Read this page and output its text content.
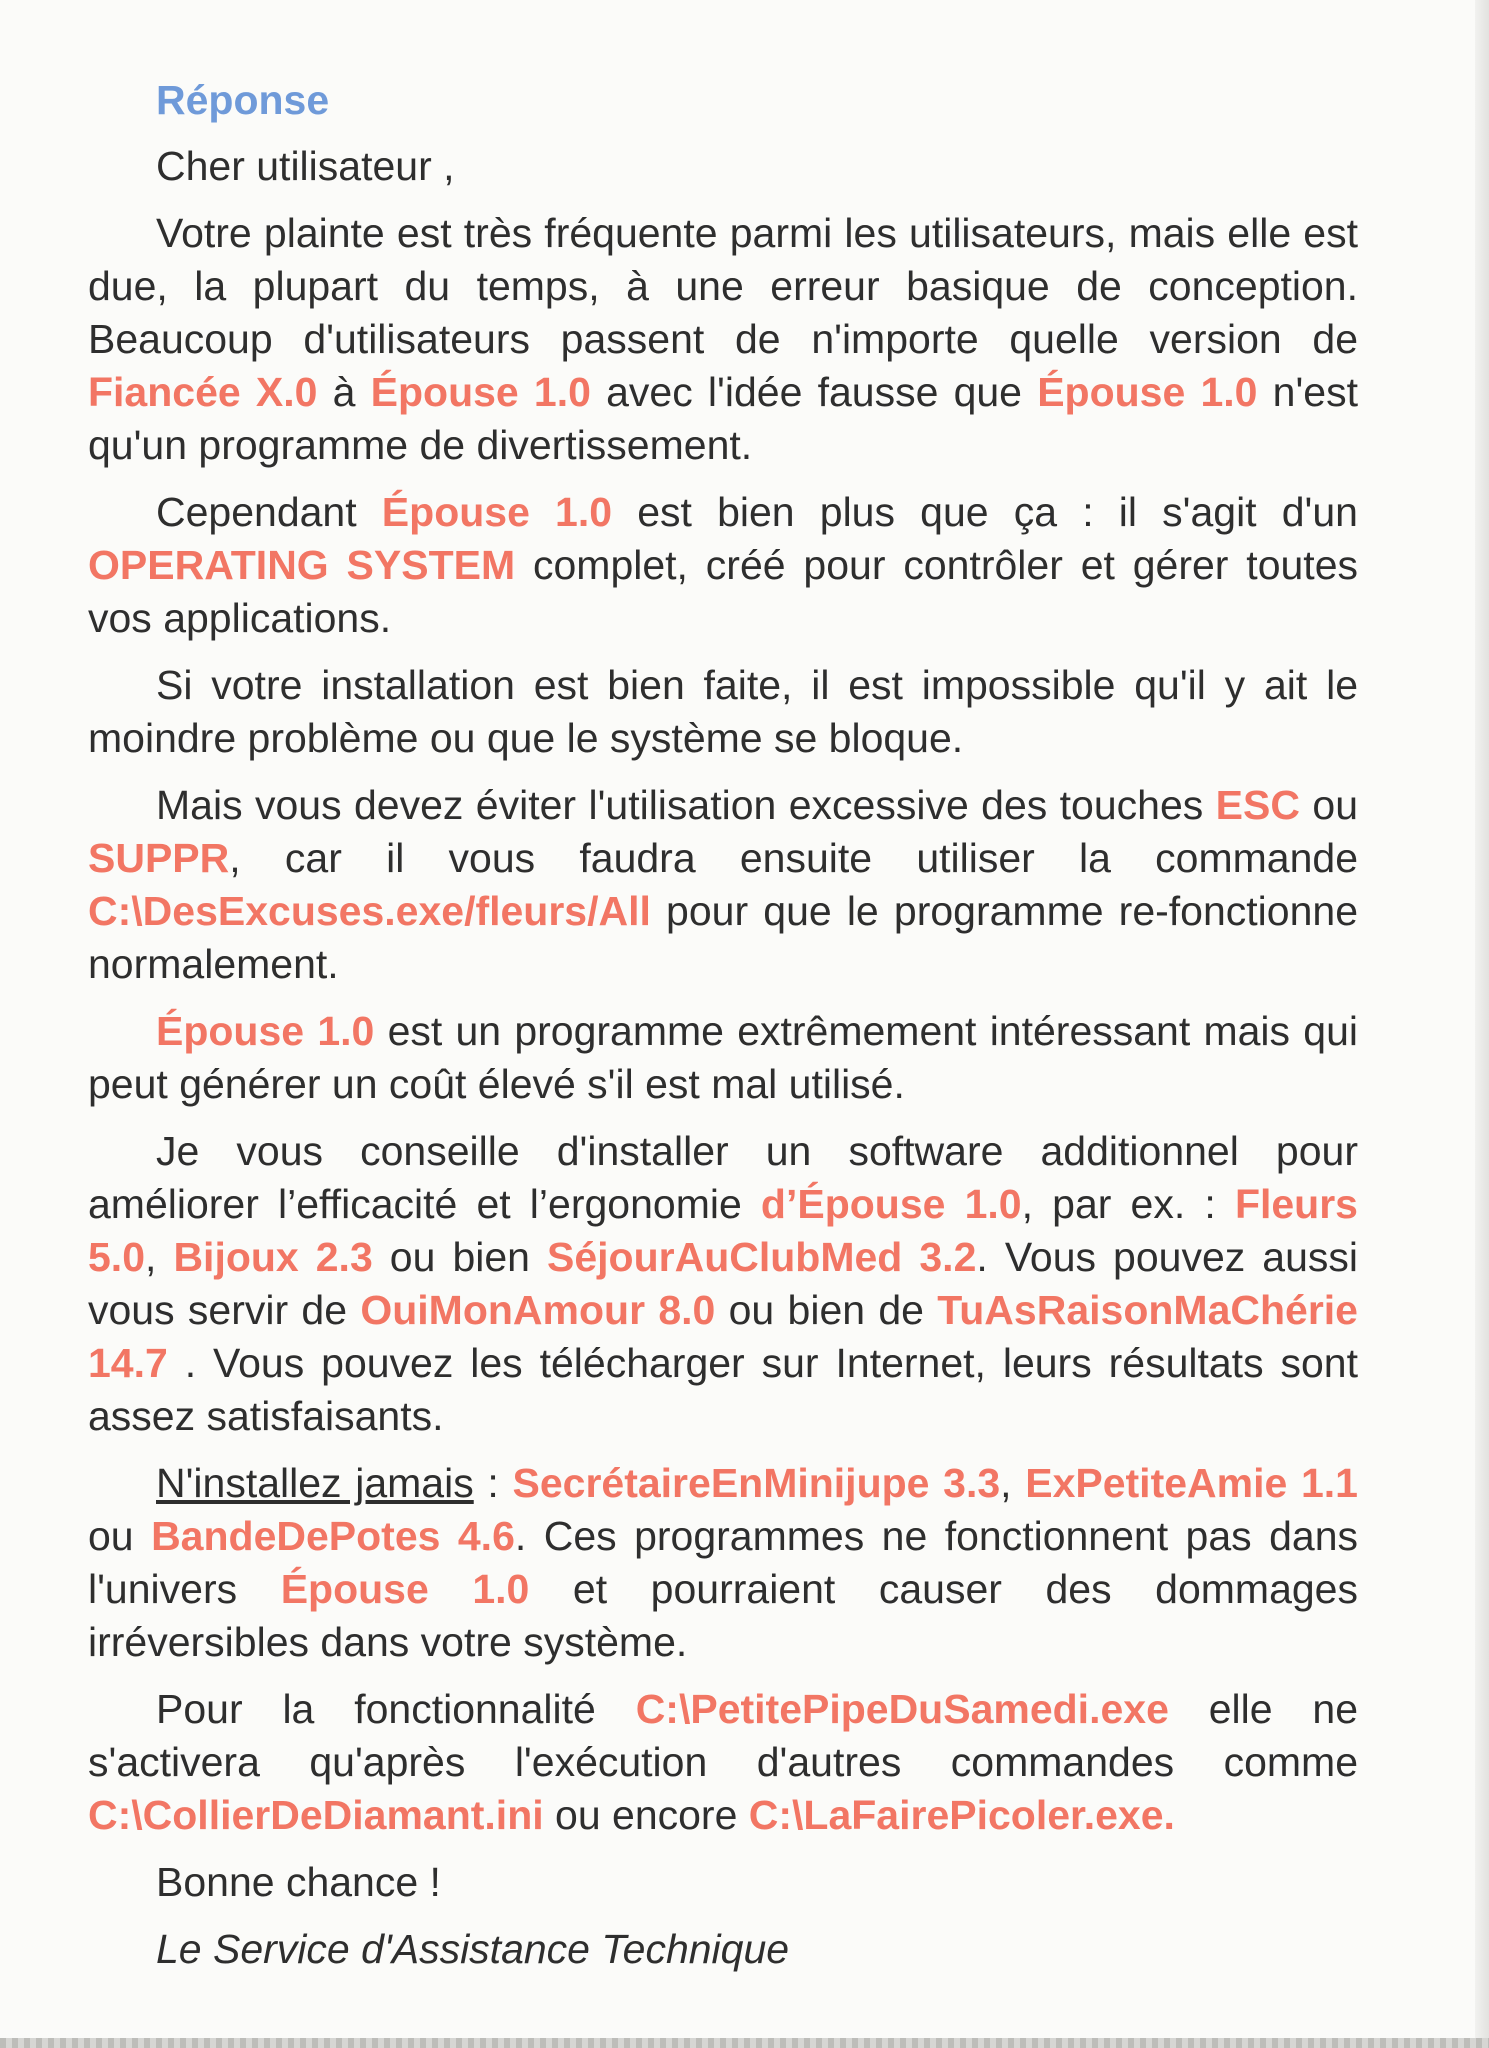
Réponse

Cher utilisateur ,

Votre plainte est très fréquente parmi les utilisateurs, mais elle est due, la plupart du temps, à une erreur basique de conception. Beaucoup d'utilisateurs passent de n'importe quelle version de Fiancée X.0 à Épouse 1.0 avec l'idée fausse que Épouse 1.0 n'est qu'un programme de divertissement.

Cependant Épouse 1.0 est bien plus que ça : il s'agit d'un OPERATING SYSTEM complet, créé pour contrôler et gérer toutes vos applications.

Si votre installation est bien faite, il est impossible qu'il y ait le moindre problème ou que le système se bloque.

Mais vous devez éviter l'utilisation excessive des touches ESC ou SUPPR, car il vous faudra ensuite utiliser la commande C:\DesExcuses.exe/fleurs/All pour que le programme re-fonctionne normalement.

Épouse 1.0 est un programme extrêmement intéressant mais qui peut générer un coût élevé s'il est mal utilisé.

Je vous conseille d'installer un software additionnel pour améliorer l’efficacité et l’ergonomie d’Épouse 1.0, par ex. : Fleurs 5.0, Bijoux 2.3 ou bien SéjourAuClubMed 3.2. Vous pouvez aussi vous servir de OuiMonAmour 8.0 ou bien de TuAsRaisonMaChérie 14.7 . Vous pouvez les télécharger sur Internet, leurs résultats sont assez satisfaisants.

N'installez jamais : SecrétaireEnMinijupe 3.3, ExPetiteAmie 1.1 ou BandeDePotes 4.6. Ces programmes ne fonctionnent pas dans l'univers Épouse 1.0 et pourraient causer des dommages irréversibles dans votre système.

Pour la fonctionnalité C:\PetitePipeDuSamedi.exe elle ne s'activera qu'après l'exécution d'autres commandes comme C:\CollierDeDiamant.ini ou encore C:\LaFairePicoler.exe.

Bonne chance !

Le Service d'Assistance Technique
